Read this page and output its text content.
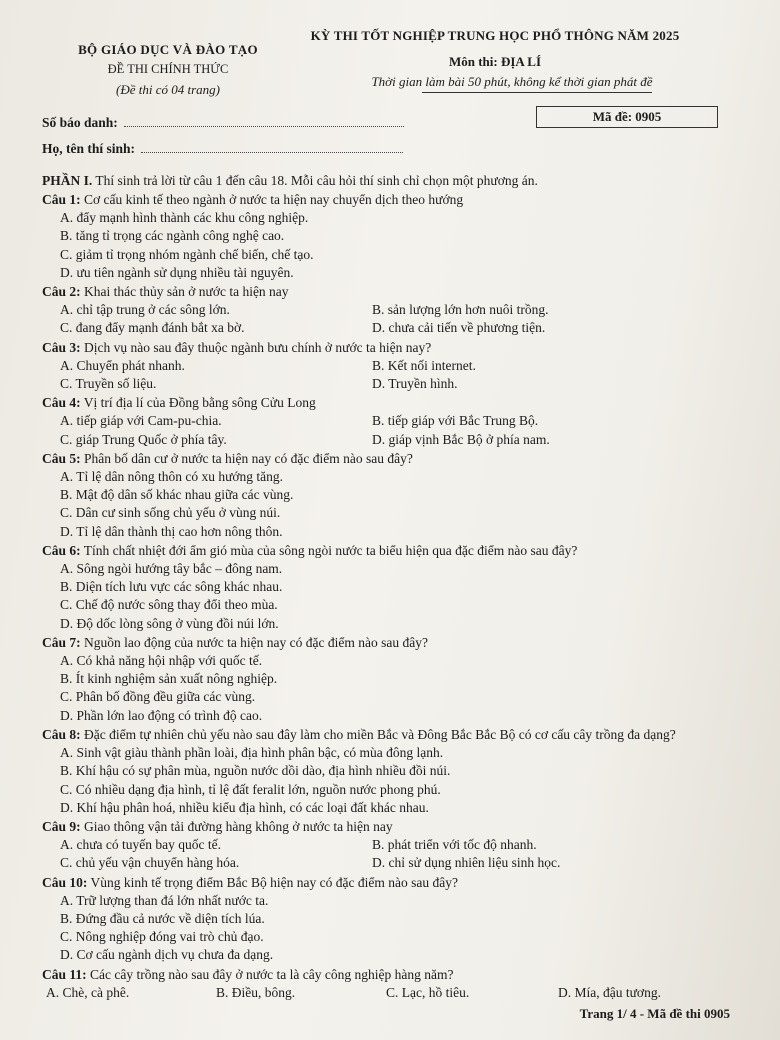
BỘ GIÁO DỤC VÀ ĐÀO TẠO
ĐỀ THI CHÍNH THỨC
(Đề thi có 04 trang)
KỲ THI TỐT NGHIỆP TRUNG HỌC PHỔ THÔNG NĂM 2025
Môn thi: ĐỊA LÍ
Thời gian làm bài 50 phút, không kể thời gian phát đề
Số báo danh:
Họ, tên thí sinh:
Mã đề: 0905
PHẦN I. Thí sinh trả lời từ câu 1 đến câu 18. Mỗi câu hỏi thí sinh chỉ chọn một phương án.
Câu 1: Cơ cấu kinh tế theo ngành ở nước ta hiện nay chuyển dịch theo hướng
A. đẩy mạnh hình thành các khu công nghiệp.
B. tăng tỉ trọng các ngành công nghệ cao.
C. giảm tỉ trọng nhóm ngành chế biến, chế tạo.
D. ưu tiên ngành sử dụng nhiều tài nguyên.
Câu 2: Khai thác thủy sản ở nước ta hiện nay
A. chỉ tập trung ở các sông lớn.	B. sản lượng lớn hơn nuôi trồng.
C. đang đẩy mạnh đánh bắt xa bờ.	D. chưa cải tiến về phương tiện.
Câu 3: Dịch vụ nào sau đây thuộc ngành bưu chính ở nước ta hiện nay?
A. Chuyển phát nhanh.	B. Kết nối internet.
C. Truyền số liệu.	D. Truyền hình.
Câu 4: Vị trí địa lí của Đồng bằng sông Cửu Long
A. tiếp giáp với Cam-pu-chia.	B. tiếp giáp với Bắc Trung Bộ.
C. giáp Trung Quốc ở phía tây.	D. giáp vịnh Bắc Bộ ở phía nam.
Câu 5: Phân bố dân cư ở nước ta hiện nay có đặc điểm nào sau đây?
A. Tỉ lệ dân nông thôn có xu hướng tăng.
B. Mật độ dân số khác nhau giữa các vùng.
C. Dân cư sinh sống chủ yếu ở vùng núi.
D. Tỉ lệ dân thành thị cao hơn nông thôn.
Câu 6: Tính chất nhiệt đới ẩm gió mùa của sông ngòi nước ta biểu hiện qua đặc điểm nào sau đây?
A. Sông ngòi hướng tây bắc – đông nam.
B. Diện tích lưu vực các sông khác nhau.
C. Chế độ nước sông thay đổi theo mùa.
D. Độ dốc lòng sông ở vùng đồi núi lớn.
Câu 7: Nguồn lao động của nước ta hiện nay có đặc điểm nào sau đây?
A. Có khả năng hội nhập với quốc tế.
B. Ít kinh nghiệm sản xuất nông nghiệp.
C. Phân bố đồng đều giữa các vùng.
D. Phần lớn lao động có trình độ cao.
Câu 8: Đặc điểm tự nhiên chủ yếu nào sau đây làm cho miền Bắc và Đông Bắc Bắc Bộ có cơ cấu cây trồng đa dạng?
A. Sinh vật giàu thành phần loài, địa hình phân bậc, có mùa đông lạnh.
B. Khí hậu có sự phân mùa, nguồn nước dồi dào, địa hình nhiều đồi núi.
C. Có nhiều dạng địa hình, tỉ lệ đất feralit lớn, nguồn nước phong phú.
D. Khí hậu phân hoá, nhiều kiểu địa hình, có các loại đất khác nhau.
Câu 9: Giao thông vận tải đường hàng không ở nước ta hiện nay
A. chưa có tuyến bay quốc tế.	B. phát triển với tốc độ nhanh.
C. chủ yếu vận chuyển hàng hóa.	D. chỉ sử dụng nhiên liệu sinh học.
Câu 10: Vùng kinh tế trọng điểm Bắc Bộ hiện nay có đặc điểm nào sau đây?
A. Trữ lượng than đá lớn nhất nước ta.
B. Đứng đầu cả nước về diện tích lúa.
C. Nông nghiệp đóng vai trò chủ đạo.
D. Cơ cấu ngành dịch vụ chưa đa dạng.
Câu 11: Các cây trồng nào sau đây ở nước ta là cây công nghiệp hàng năm?
A. Chè, cà phê.	B. Điều, bông.	C. Lạc, hồ tiêu.	D. Mía, đậu tương.
Trang 1/ 4 - Mã đề thi 0905
